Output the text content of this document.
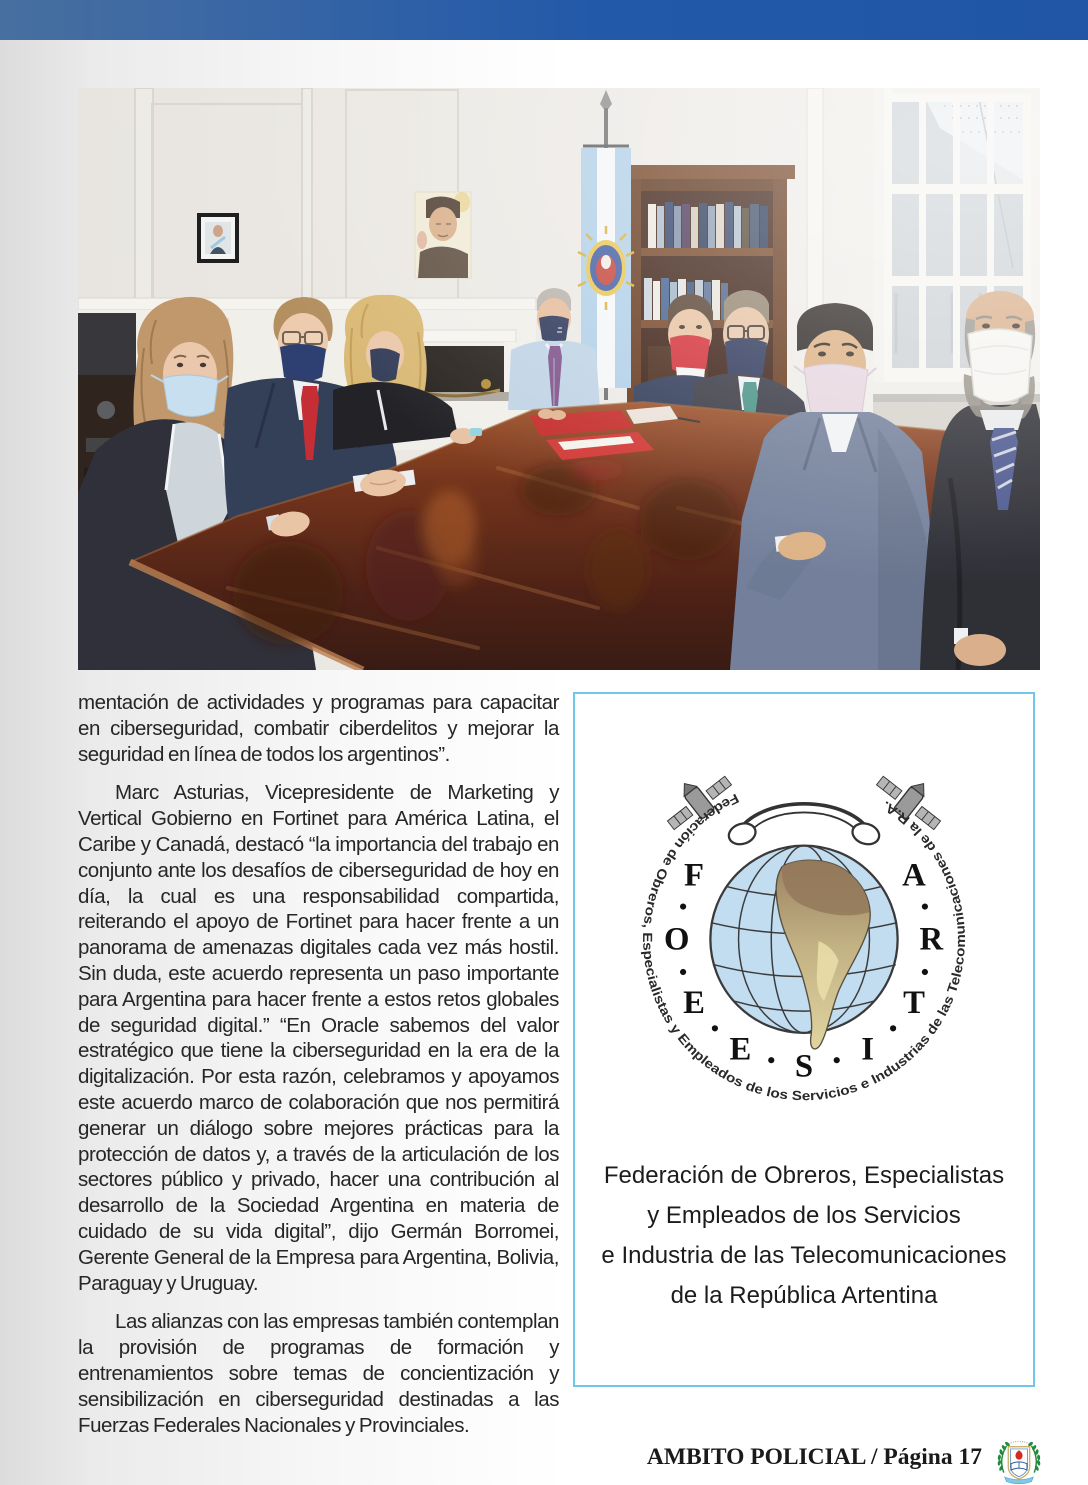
mentación de actividades y programas para capacitar en ciberseguridad, combatir ciberdelitos y mejorar la seguridad en línea de todos los argentinos”.

Marc Asturias, Vicepresidente de Marketing y Vertical Gobierno en Fortinet para América Latina, el Caribe y Canadá, destacó “la importancia del trabajo en conjunto ante los desafíos de ciberseguridad de hoy en día, la cual es una responsabilidad compartida, reiterando el apoyo de Fortinet para hacer frente a un panorama de amenazas digitales cada vez más hostil. Sin duda, este acuerdo representa un paso importante para Argentina para hacer frente a estos retos globales de seguridad digital.” “En Oracle sabemos del valor estratégico que tiene la ciberseguridad en la era de la digitalización. Por esta razón, celebramos y apoyamos este acuerdo marco de colaboración que nos permitirá generar un diálogo sobre mejores prácticas para la protección de datos y, a través de la articulación de los sectores público y privado, hacer una contribución al desarrollo de la Sociedad Argentina en materia de cuidado de su vida digital”, dijo Germán Borromei, Gerente General de la Empresa para Argentina, Bolivia, Paraguay y Uruguay.

Las alianzas con las empresas también contemplan la provisión de programas de formación y entrenamientos sobre temas de concientización y sensibilización en ciberseguridad destinadas a las Fuerzas Federales Nacionales y Provinciales.

F
O
E
E S I
T
R
A
Federación de Obreros, Especialistas y Empleados de los Servicios e Industrias de las Telecomunicaciones de la R.A.
Federación de Obreros, Especialistas
y Empleados de los Servicios
e Industria de las Telecomunicaciones
de la República Artentina
AMBITO POLICIAL / Página 17
